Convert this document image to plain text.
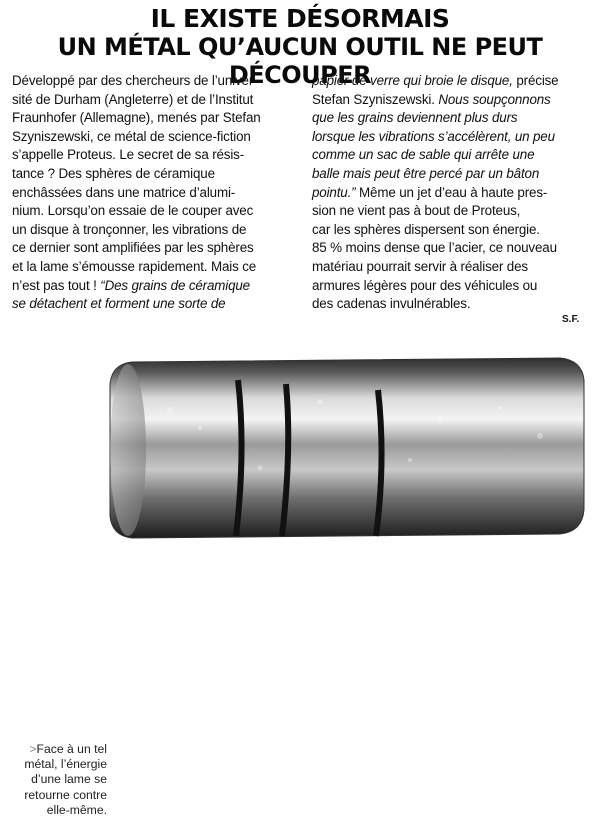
IL EXISTE DÉSORMAIS
UN MÉTAL QU’AUCUN OUTIL NE PEUT DÉCOUPER
Développé par des chercheurs de l’univer-
sité de Durham (Angleterre) et de l’Institut
Fraunhofer (Allemagne), menés par Stefan
Szyniszewski, ce métal de science-fiction
s’appelle Proteus. Le secret de sa résis-
tance ? Des sphères de céramique
enchâssées dans une matrice d’alumi-
nium. Lorsqu’on essaie de le couper avec
un disque à tronçonner, les vibrations de
ce dernier sont amplifiées par les sphères
et la lame s’émousse rapidement. Mais ce
n’est pas tout ! “Des grains de céramique
se détachent et forment une sorte de
papier de verre qui broie le disque, précise
Stefan Szyniszewski. Nous soupçonnons
que les grains deviennent plus durs
lorsque les vibrations s’accélèrent, un peu
comme un sac de sable qui arrête une
balle mais peut être percé par un bâton
pointu.” Même un jet d’eau à haute pres-
sion ne vient pas à bout de Proteus,
car les sphères dispersent son énergie.
85 % moins dense que l’acier, ce nouveau
matériau pourrait servir à réaliser des
armures légères pour des véhicules ou
des cadenas invulnérables.
S.F.
>Face à un tel
métal, l’énergie
d’une lame se
retourne contre
elle-même.
